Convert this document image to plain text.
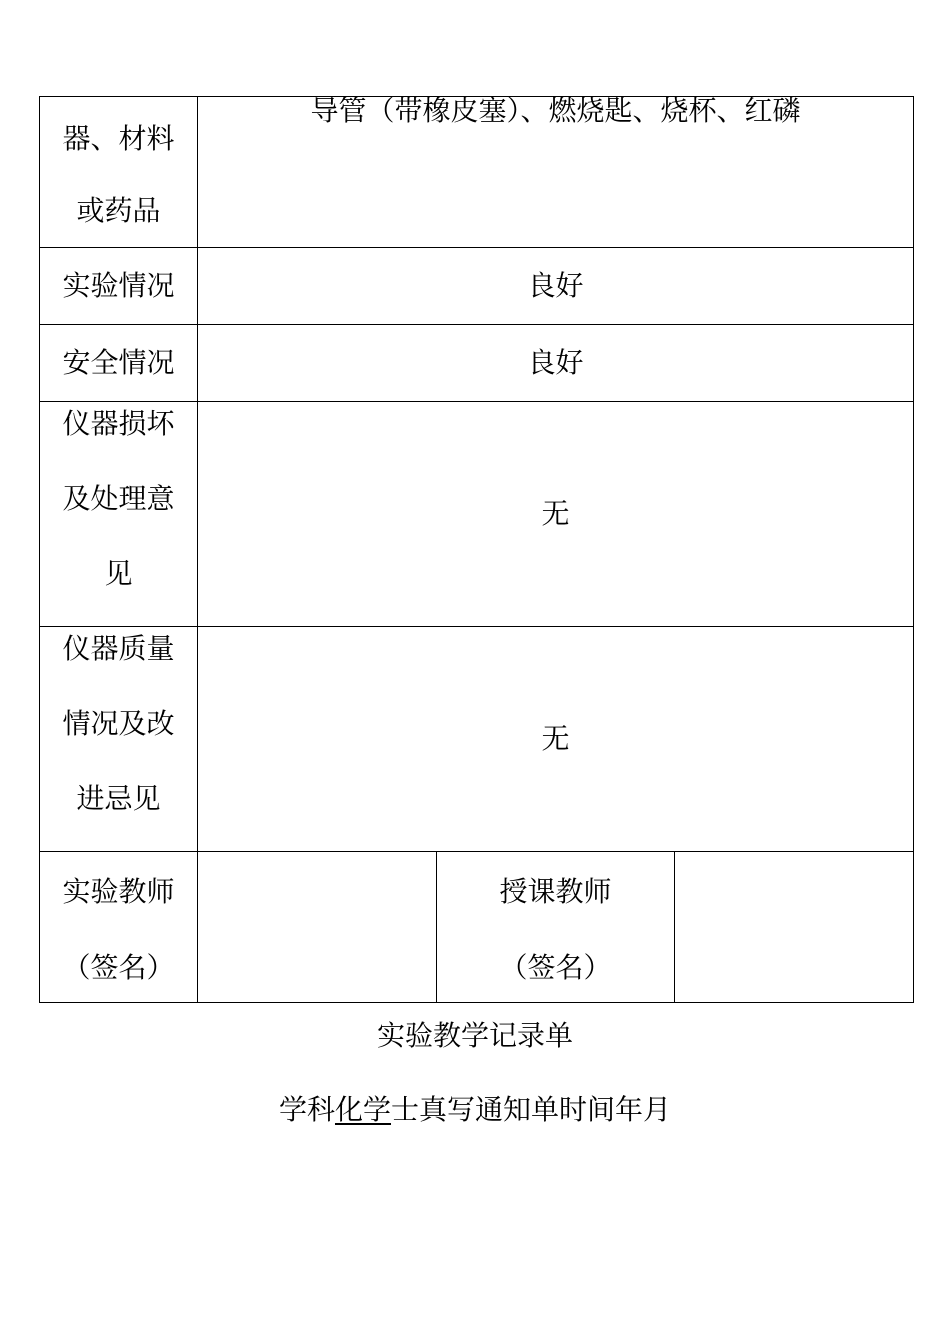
器、材料
或药品	导管（带橡皮塞）、燃烧匙、烧杯、红磷		
实验情况	良好		
安全情况	良好		

仪器损坏
及处理意
见	无		

仪器质量
情况及改
进忌见	无		

实验教师
（签名）		授课教师
（签名）	

实验教学记录单
学科化学士真写通知单时间年月
